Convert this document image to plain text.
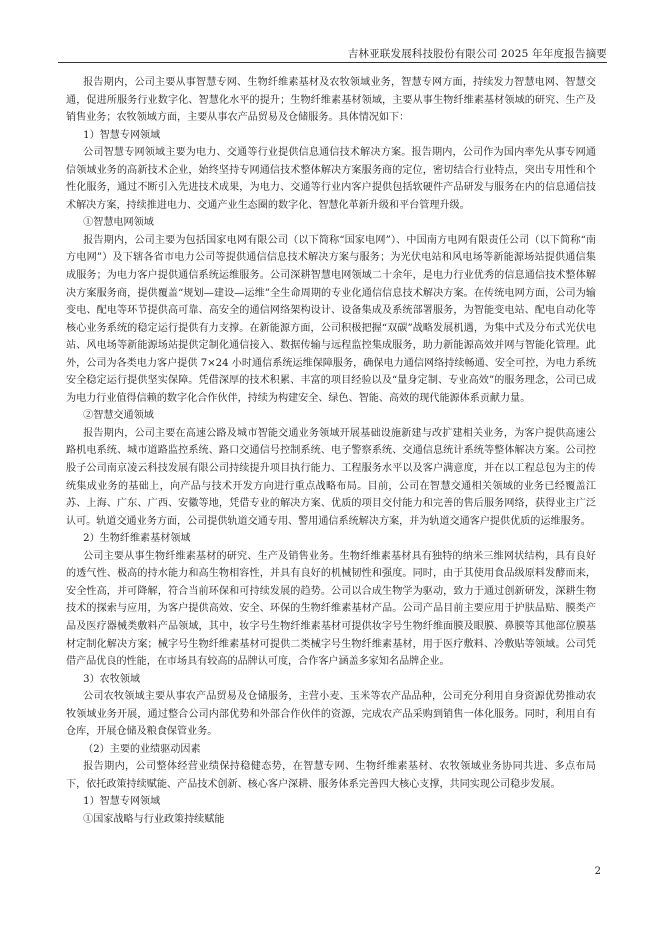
吉林亚联发展科技股份有限公司 2025 年年度报告摘要

报告期内，公司主要从事智慧专网、生物纤维素基材及农牧领域业务，智慧专网方面，持续发力智慧电网、智慧交通，促进所服务行业数字化、智慧化水平的提升；生物纤维素基材领域，主要从事生物纤维素基材领域的研究、生产及销售业务；农牧领域方面，主要从事农产品贸易及仓储服务。具体情况如下：

1）智慧专网领域

公司智慧专网领域主要为电力、交通等行业提供信息通信技术解决方案。报告期内，公司作为国内率先从事专网通信领域业务的高新技术企业，始终坚持专网通信技术整体解决方案服务商的定位，密切结合行业特点，突出专用性和个性化服务，通过不断引入先进技术成果，为电力、交通等行业内客户提供包括软硬件产品研发与服务在内的信息通信技术解决方案，持续推进电力、交通产业生态圈的数字化、智慧化革新升级和平台管理升级。

①智慧电网领域

报告期内，公司主要为包括国家电网有限公司（以下简称“国家电网”）、中国南方电网有限责任公司（以下简称“南方电网”）及下辖各省市电力公司等提供通信信息技术解决方案与服务；为光伏电站和风电场等新能源场站提供通信集成服务；为电力客户提供通信系统运维服务。公司深耕智慧电网领域二十余年，是电力行业优秀的信息通信技术整体解决方案服务商，提供覆盖“规划—建设—运维”全生命周期的专业化通信信息技术解决方案。在传统电网方面，公司为输变电、配电等环节提供高可靠、高安全的通信网络架构设计、设备集成及系统部署服务，为智能变电站、配电自动化等核心业务系统的稳定运行提供有力支撑。在新能源方面，公司积极把握“双碳”战略发展机遇，为集中式及分布式光伏电站、风电场等新能源场站提供定制化通信接入、数据传输与远程监控集成服务，助力新能源高效并网与智能化管理。此外，公司为各类电力客户提供 7×24 小时通信系统运维保障服务，确保电力通信网络持续畅通、安全可控，为电力系统安全稳定运行提供坚实保障。凭借深厚的技术积累、丰富的项目经验以及“量身定制、专业高效”的服务理念，公司已成为电力行业值得信赖的数字化合作伙伴，持续为构建安全、绿色、智能、高效的现代能源体系贡献力量。

②智慧交通领域

报告期内，公司主要在高速公路及城市智能交通业务领域开展基础设施新建与改扩建相关业务，为客户提供高速公路机电系统、城市道路监控系统、路口交通信号控制系统、电子警察系统、交通信息统计系统等整体解决方案。公司控股子公司南京凌云科技发展有限公司持续提升项目执行能力、工程服务水平以及客户满意度，并在以工程总包为主的传统集成业务的基础上，向产品与技术开发方向进行重点战略布局。目前，公司在智慧交通相关领域的业务已经覆盖江苏、上海、广东、广西、安徽等地，凭借专业的解决方案、优质的项目交付能力和完善的售后服务网络，获得业主广泛认可。轨道交通业务方面，公司提供轨道交通专用、警用通信系统解决方案，并为轨道交通客户提供优质的运维服务。

2）生物纤维素基材领域

公司主要从事生物纤维素基材的研究、生产及销售业务。生物纤维素基材具有独特的纳米三维网状结构，具有良好的透气性、极高的持水能力和高生物相容性，并具有良好的机械韧性和强度。同时，由于其使用食品级原料发酵而来，安全性高，并可降解，符合当前环保和可持续发展的趋势。公司以合成生物学为驱动，致力于通过创新研发，深耕生物技术的探索与应用，为客户提供高效、安全、环保的生物纤维素基材产品。公司产品目前主要应用于护肤品贴、膜类产品及医疗器械类敷料产品领域，其中，妆字号生物纤维素基材可提供妆字号生物纤维面膜及眼膜、鼻膜等其他部位膜基材定制化解决方案；械字号生物纤维素基材可提供二类械字号生物纤维素基材，用于医疗敷料、冷敷贴等领域。公司凭借产品优良的性能，在市场具有较高的品牌认可度，合作客户涵盖多家知名品牌企业。

3）农牧领域

公司农牧领域主要从事农产品贸易及仓储服务，主营小麦、玉米等农产品品种，公司充分利用自身资源优势推动农牧领域业务开展，通过整合公司内部优势和外部合作伙伴的资源，完成农产品采购到销售一体化服务。同时，利用自有仓库，开展仓储及粮食保管业务。

（2）主要的业绩驱动因素

报告期内，公司整体经营业绩保持稳健态势，在智慧专网、生物纤维素基材、农牧领域业务协同共进、多点布局下，依托政策持续赋能、产品技术创新、核心客户深耕、服务体系完善四大核心支撑，共同实现公司稳步发展。

1）智慧专网领域

①国家战略与行业政策持续赋能

2
